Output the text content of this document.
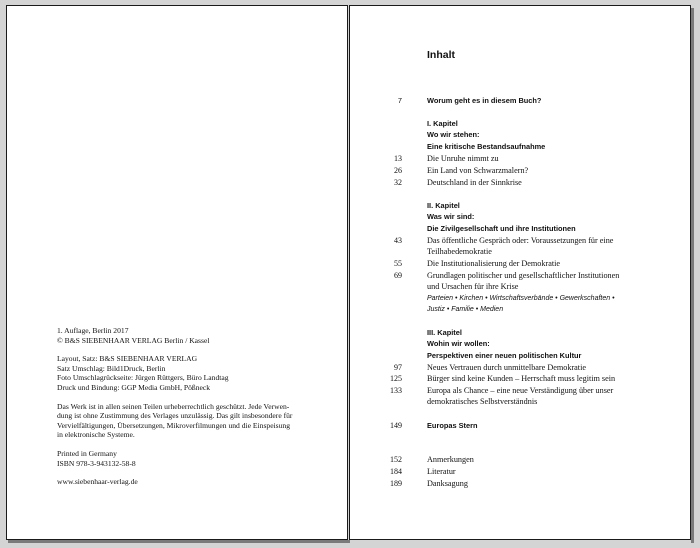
1. Auflage, Berlin 2017

© B&S SIEBENHAAR VERLAG Berlin / Kassel

Layout, Satz: B&S SIEBENHAAR VERLAG

Satz Umschlag: Bild1Druck, Berlin

Foto Umschlagrückseite: Jürgen Rüttgers, Büro Landtag

Druck und Bindung: GGP Media GmbH, Pößneck

Das Werk ist in allen seinen Teilen urheberrechtlich geschützt. Jede Verwen-

dung ist ohne Zustimmung des Verlages unzulässig. Das gilt insbesondere für

Vervielfältigungen, Übersetzungen, Mikroverfilmungen und die Einspeisung

in elektronische Systeme.

Printed in Germany

ISBN 978-3-943132-58-8

www.siebenhaar-verlag.de

Inhalt
7	Worum geht es in diesem Buch?
I. Kapitel
Wo wir stehen:
Eine kritische Bestandsaufnahme
13	Die Unruhe nimmt zu
26	Ein Land von Schwarzmalern?
32	Deutschland in der Sinnkrise
II. Kapitel
Was wir sind:
Die Zivilgesellschaft und ihre Institutionen
43	Das öffentliche Gespräch oder: Voraussetzungen für eine
Teilhabedemokratie
55	Die Institutionalisierung der Demokratie
69	Grundlagen politischer und gesellschaftlicher Institutionen
und Ursachen für ihre Krise
Parteien • Kirchen • Wirtschaftsverbände • Gewerkschaften •
Justiz • Familie • Medien
III. Kapitel
Wohin wir wollen:
Perspektiven einer neuen politischen Kultur
97	Neues Vertrauen durch unmittelbare Demokratie
125	Bürger sind keine Kunden – Herrschaft muss legitim sein
133	Europa als Chance – eine neue Verständigung über unser
demokratisches Selbstverständnis
149	Europas Stern
152	Anmerkungen
184	Literatur
189	Danksagung
